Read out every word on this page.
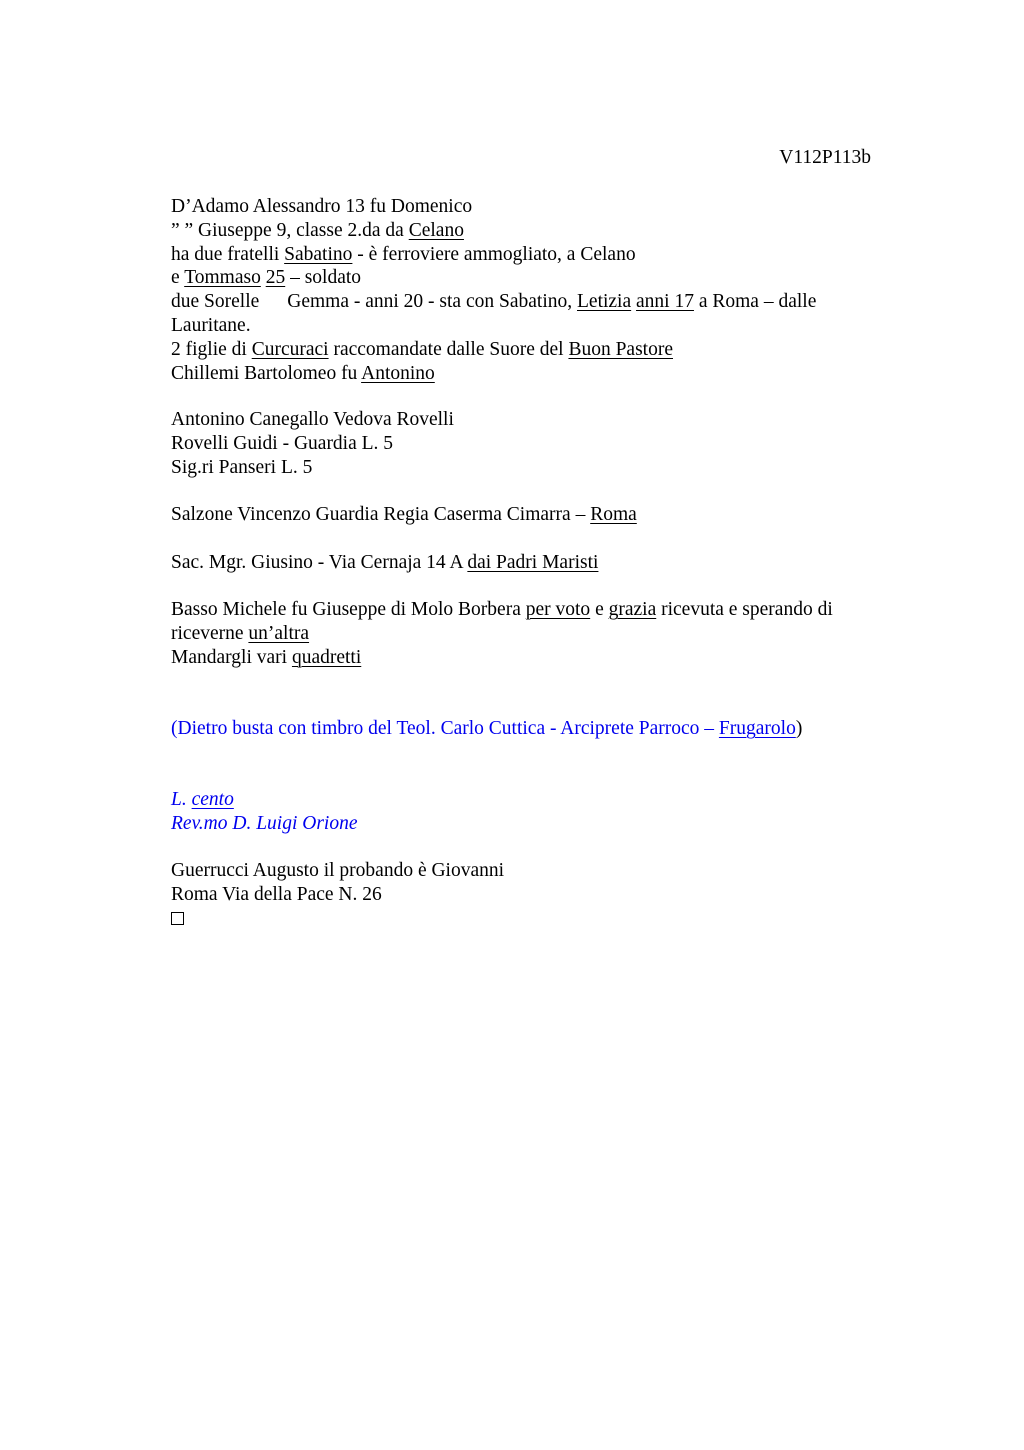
V112P113b
D’Adamo Alessandro 13 fu Domenico
” ” Giuseppe 9, classe 2.da da Celano
ha due fratelli Sabatino - è ferroviere ammogliato, a Celano
e Tommaso 25 – soldato
due Sorelle Gemma - anni 20 - sta con Sabatino, Letizia anni 17 a Roma – dalle
Lauritane.
2 figlie di Curcuraci raccomandate dalle Suore del Buon Pastore
Chillemi Bartolomeo fu Antonino
Antonino Canegallo Vedova Rovelli
Rovelli Guidi - Guardia L. 5
Sig.ri Panseri L. 5
Salzone Vincenzo Guardia Regia Caserma Cimarra – Roma
Sac. Mgr. Giusino - Via Cernaja 14 A dai Padri Maristi
Basso Michele fu Giuseppe di Molo Borbera per voto e grazia ricevuta e sperando di
riceverne un’altra
Mandargli vari quadretti
(Dietro busta con timbro del Teol. Carlo Cuttica - Arciprete Parroco – Frugarolo)
L. cento
Rev.mo D. Luigi Orione
Guerrucci Augusto il probando è Giovanni
Roma Via della Pace N. 26
